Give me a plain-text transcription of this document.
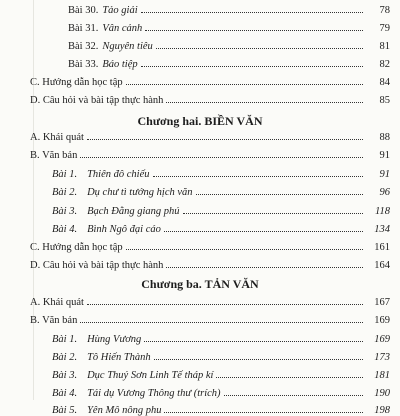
Bài 30. Tảo giải	78
Bài 31. Vân cảnh	79
Bài 32. Nguyên tiêu	81
Bài 33. Báo tiệp	82
C. Hướng dẫn học tập	84
D. Câu hỏi và bài tập thực hành	85
Chương hai. BIỀN VĂN
A. Khái quát	88
B. Văn bản	91
Bài 1. Thiên đô chiếu	91
Bài 2. Dụ chư tì tướng hịch văn	96
Bài 3. Bạch Đằng giang phú	118
Bài 4. Bình Ngô đại cáo	134
C. Hướng dẫn học tập	161
D. Câu hỏi và bài tập thực hành	164
Chương ba. TẢN VĂN
A. Khái quát	167
B. Văn bản	169
Bài 1. Hùng Vương	169
Bài 2. Tô Hiến Thành	173
Bài 3. Dục Thuý Sơn Linh Tế tháp kí	181
Bài 4. Tái dụ Vương Thông thư (trích)	190
Bài 5. Yên Mô nông phu	198
